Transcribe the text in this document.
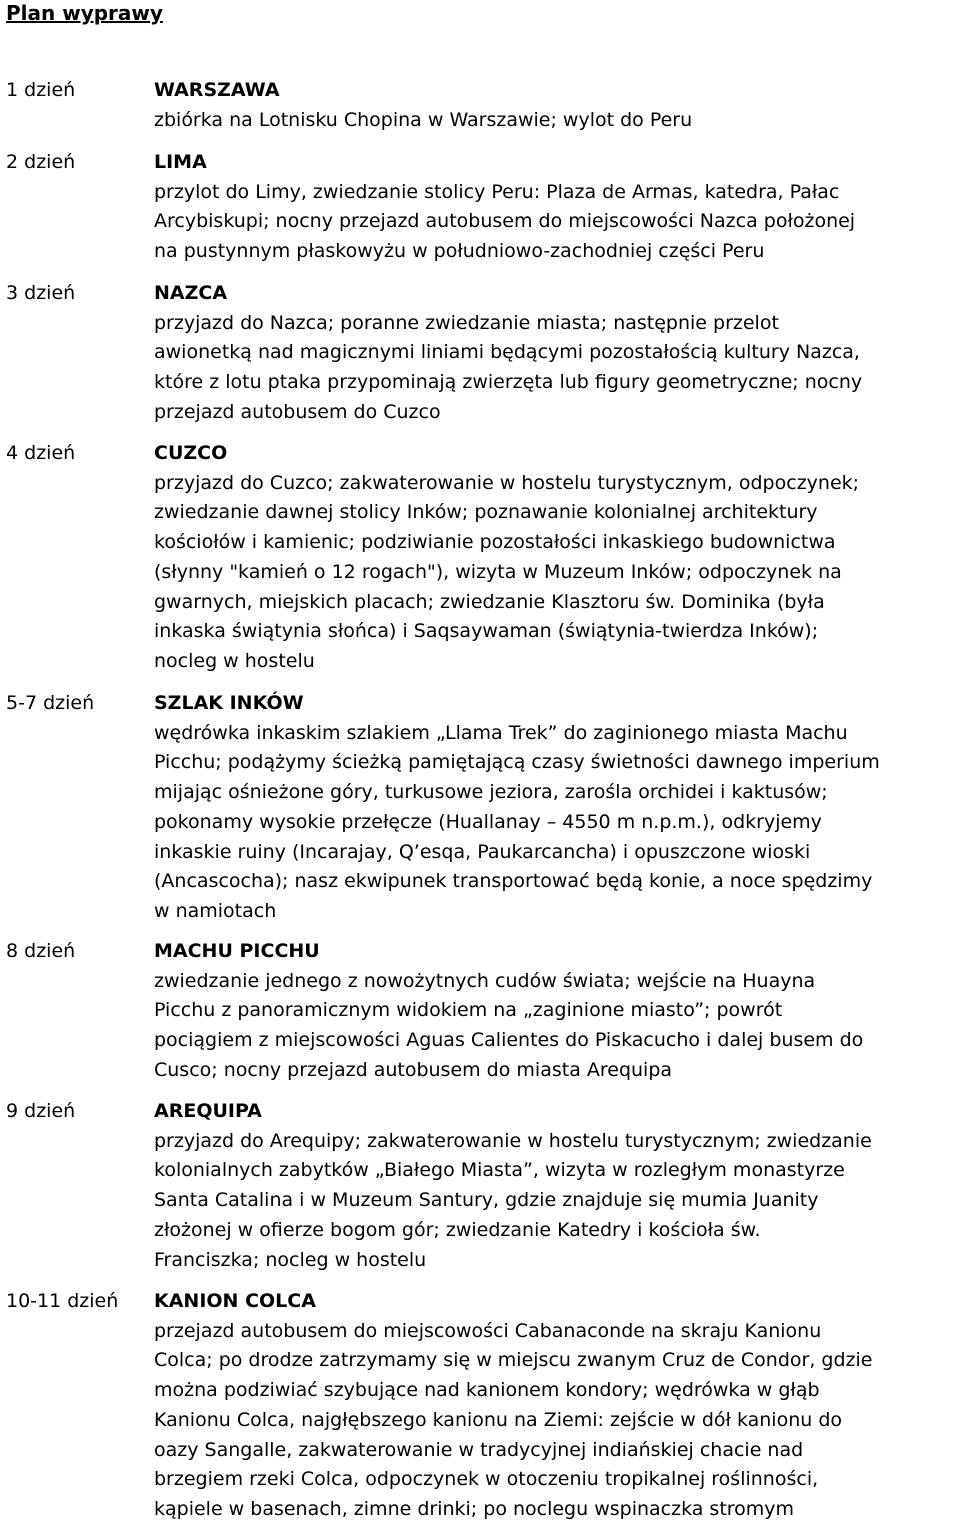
Plan wyprawy
1 dzień	WARSZAWA
zbiórka na Lotnisku Chopina w Warszawie; wylot do Peru
2 dzień	LIMA
przylot do Limy, zwiedzanie stolicy Peru: Plaza de Armas, katedra, Pałac
Arcybiskupi; nocny przejazd autobusem do miejscowości Nazca położonej
na pustynnym płaskowyżu w południowo-zachodniej części Peru
3 dzień	NAZCA
przyjazd do Nazca; poranne zwiedzanie miasta; następnie przelot
awionetką nad magicznymi liniami będącymi pozostałością kultury Nazca,
które z lotu ptaka przypominają zwierzęta lub figury geometryczne; nocny
przejazd autobusem do Cuzco
4 dzień	CUZCO
przyjazd do Cuzco; zakwaterowanie w hostelu turystycznym, odpoczynek;
zwiedzanie dawnej stolicy Inków; poznawanie kolonialnej architektury
kościołów i kamienic; podziwianie pozostałości inkaskiego budownictwa
(słynny "kamień o 12 rogach"), wizyta w Muzeum Inków; odpoczynek na
gwarnych, miejskich placach; zwiedzanie Klasztoru św. Dominika (była
inkaska świątynia słońca) i Saqsaywaman (świątynia-twierdza Inków);
nocleg w hostelu
5-7 dzień	SZLAK INKÓW
wędrówka inkaskim szlakiem „Llama Trek” do zaginionego miasta Machu
Picchu; podążymy ścieżką pamiętającą czasy świetności dawnego imperium
mijając ośnieżone góry, turkusowe jeziora, zarośla orchidei i kaktusów;
pokonamy wysokie przełęcze (Huallanay – 4550 m n.p.m.), odkryjemy
inkaskie ruiny (Incarajay, Q’esqa, Paukarcancha) i opuszczone wioski
(Ancascocha); nasz ekwipunek transportować będą konie, a noce spędzimy
w namiotach
8 dzień	MACHU PICCHU
zwiedzanie jednego z nowożytnych cudów świata; wejście na Huayna
Picchu z panoramicznym widokiem na „zaginione miasto”; powrót
pociągiem z miejscowości Aguas Calientes do Piskacucho i dalej busem do
Cusco; nocny przejazd autobusem do miasta Arequipa
9 dzień	AREQUIPA
przyjazd do Arequipy; zakwaterowanie w hostelu turystycznym; zwiedzanie
kolonialnych zabytków „Białego Miasta”, wizyta w rozległym monastyrze
Santa Catalina i w Muzeum Santury, gdzie znajduje się mumia Juanity
złożonej w ofierze bogom gór; zwiedzanie Katedry i kościoła św.
Franciszka; nocleg w hostelu
10-11 dzień KANION COLCA
przejazd autobusem do miejscowości Cabanaconde na skraju Kanionu
Colca; po drodze zatrzymamy się w miejscu zwanym Cruz de Condor, gdzie
można podziwiać szybujące nad kanionem kondory; wędrówka w głąb
Kanionu Colca, najgłębszego kanionu na Ziemi: zejście w dół kanionu do
oazy Sangalle, zakwaterowanie w tradycyjnej indiańskiej chacie nad
brzegiem rzeki Colca, odpoczynek w otoczeniu tropikalnej roślinności,
kąpiele w basenach, zimne drinki; po noclegu wspinaczka stromym
